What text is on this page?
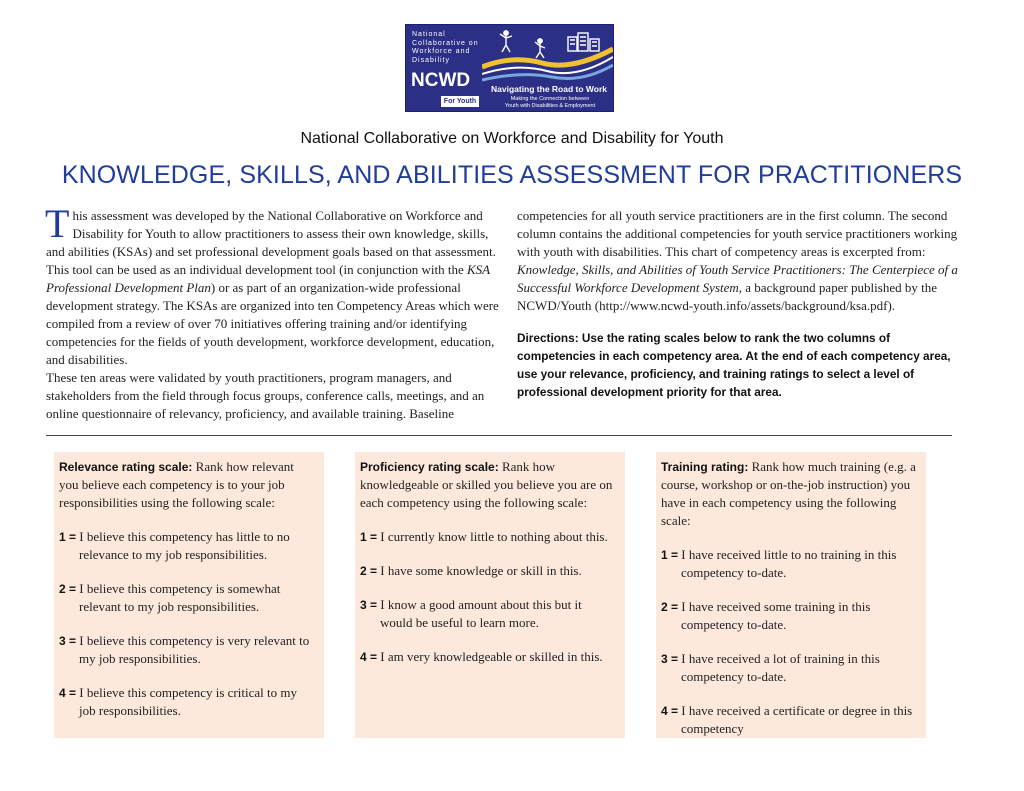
National
Collaborative on
Workforce and
Disability
NCWD
For Youth
Navigating the Road to Work
Making the Connection between
Youth with Disabilities & Employment
National Collaborative on Workforce and Disability for Youth
KNOWLEDGE, SKILLS, AND ABILITIES ASSESSMENT FOR PRACTITIONERS

This assessment was developed by the National Collaborative on Workforce and Disability for Youth to allow practitioners to assess their own knowledge, skills, and abilities (KSAs) and set professional development goals based on that assessment. This tool can be used as an individual development tool (in conjunction with the KSA Professional Development Plan) or as part of an organization-wide professional development strategy. The KSAs are organized into ten Competency Areas which were compiled from a review of over 70 initiatives offering training and/or identifying competencies for the fields of youth development, workforce development, education, and disabilities.

These ten areas were validated by youth practitioners, program managers, and stakeholders from the field through focus groups, conference calls, meetings, and an online questionnaire of relevancy, proficiency, and available training. Baseline

competencies for all youth service practitioners are in the first column. The second column contains the additional competencies for youth service practitioners working with youth with disabilities. This chart of competency areas is excerpted from: Knowledge, Skills, and Abilities of Youth Service Practitioners: The Centerpiece of a Successful Workforce Development System, a background paper published by the NCWD/Youth (http://www.ncwd-youth.info/assets/background/ksa.pdf).

Directions: Use the rating scales below to rank the two columns of competencies in each competency area. At the end of each competency area, use your relevance, proficiency, and training ratings to select a level of professional development priority for that area.

Relevance rating scale: Rank how relevant you believe each competency is to your job responsibilities using the following scale:

1 = I believe this competency has little to no relevance to my job responsibilities.

2 = I believe this competency is somewhat relevant to my job responsibilities.

3 = I believe this competency is very relevant to my job responsibilities.

4 = I believe this competency is critical to my job responsibilities.

Proficiency rating scale: Rank how knowledgeable or skilled you believe you are on each competency using the following scale:

1 = I currently know little to nothing about this.

2 = I have some knowledge or skill in this.

3 = I know a good amount about this but it would be useful to learn more.

4 = I am very knowledgeable or skilled in this.

Training rating: Rank how much training (e.g. a course, workshop or on-the-job instruction) you have in each competency using the following scale:

1 = I have received little to no training in this competency to-date.

2 = I have received some training in this competency to-date.

3 = I have received a lot of training in this competency to-date.

4 = I have received a certificate or degree in this competency
